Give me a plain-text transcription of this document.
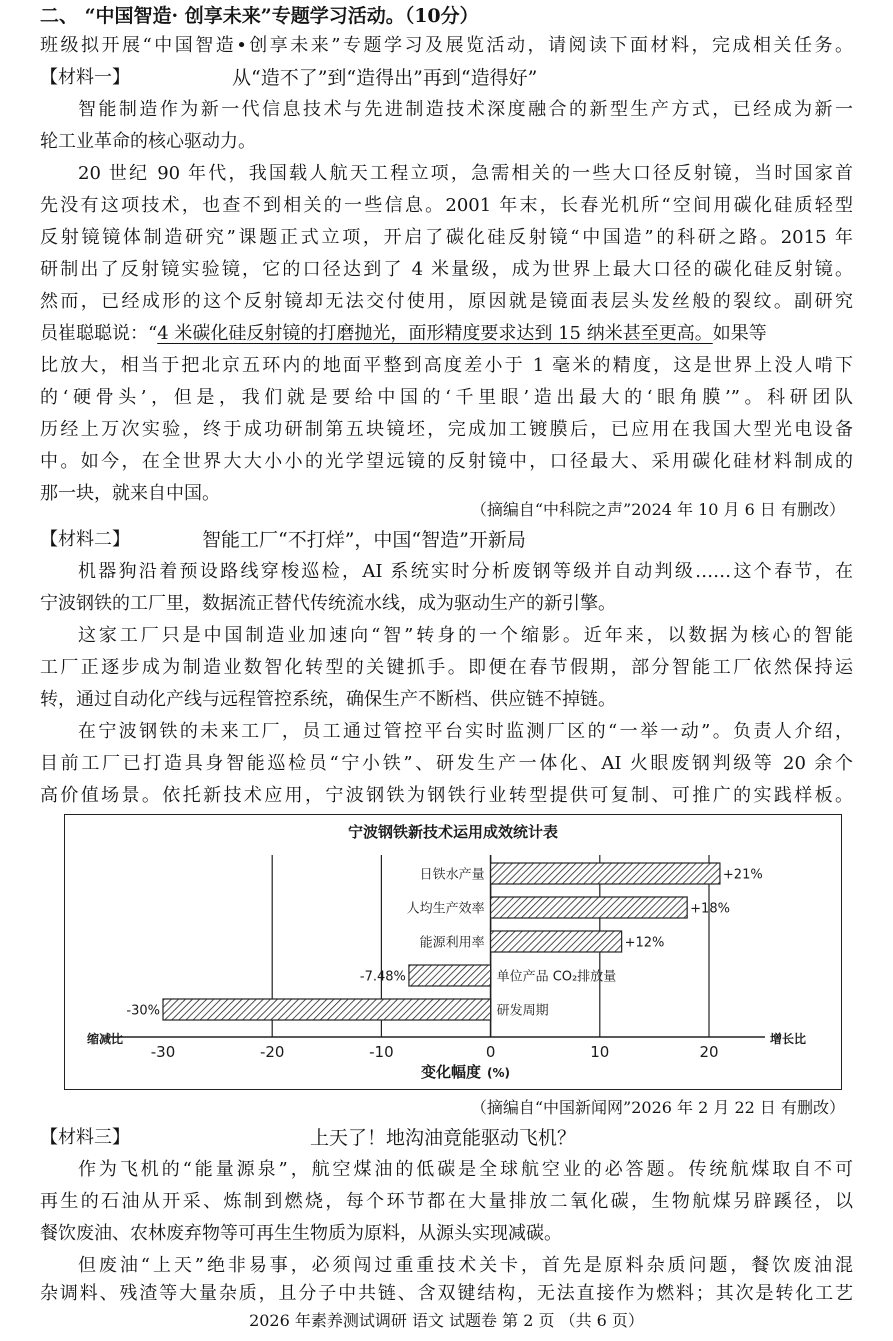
二、 “中国智造· 创享未来”专题学习活动。（10分）
班级拟开展“中国智造•创享未来”专题学习及展览活动，请阅读下面材料，完成相关任务。
【材料一】	从“造不了”到“造得出”再到“造得好”
智能制造作为新一代信息技术与先进制造技术深度融合的新型生产方式，已经成为新一
轮工业革命的核心驱动力。
20 世纪 90 年代，我国载人航天工程立项，急需相关的一些大口径反射镜，当时国家首
先没有这项技术，也查不到相关的一些信息。2001 年末，长春光机所“空间用碳化硅质轻型
反射镜镜体制造研究”课题正式立项，开启了碳化硅反射镜“中国造”的科研之路。2015 年
研制出了反射镜实验镜，它的口径达到了 4 米量级，成为世界上最大口径的碳化硅反射镜。
然而，已经成形的这个反射镜却无法交付使用，原因就是镜面表层头发丝般的裂纹。副研究
员崔聪聪说：“4 米碳化硅反射镜的打磨抛光，面形精度要求达到 15 纳米甚至更高。如果等
比放大，相当于把北京五环内的地面平整到高度差小于 1 毫米的精度，这是世界上没人啃下
的‘硬骨头’，但是，我们就是要给中国的‘千里眼’造出最大的‘眼角膜’”。科研团队
历经上万次实验，终于成功研制第五块镜坯，完成加工镀膜后，已应用在我国大型光电设备
中。如今，在全世界大大小小的光学望远镜的反射镜中，口径最大、采用碳化硅材料制成的
那一块，就来自中国。
（摘编自“中科院之声”2024 年 10 月 6 日 有删改）
【材料二】	智能工厂“不打烊”，中国“智造”开新局
机器狗沿着预设路线穿梭巡检，AI 系统实时分析废钢等级并自动判级……这个春节，在
宁波钢铁的工厂里，数据流正替代传统流水线，成为驱动生产的新引擎。
这家工厂只是中国制造业加速向“智”转身的一个缩影。近年来，以数据为核心的智能
工厂正逐步成为制造业数智化转型的关键抓手。即便在春节假期，部分智能工厂依然保持运
转，通过自动化产线与远程管控系统，确保生产不断档、供应链不掉链。
在宁波钢铁的未来工厂，员工通过管控平台实时监测厂区的“一举一动”。负责人介绍，
目前工厂已打造具身智能巡检员“宁小铁”、研发生产一体化、AI 火眼废钢判级等 20 余个
高价值场景。依托新技术应用，宁波钢铁为钢铁行业转型提供可复制、可推广的实践样板。
-30	-20	-10	0	10	20
日铁水产量	+21%
人均生产效率	+18%
能源利用率	+12%
单位产品 CO₂排放量
-7.48%
研发周期
-30%
宁波钢铁新技术运用成效统计表
缩减比	增长比
变化幅度 (%)
（摘编自“中国新闻网”2026 年 2 月 22 日 有删改）
【材料三】	上天了！地沟油竟能驱动飞机？
作为飞机的“能量源泉”，航空煤油的低碳是全球航空业的必答题。传统航煤取自不可
再生的石油从开采、炼制到燃烧，每个环节都在大量排放二氧化碳，生物航煤另辟蹊径，以
餐饮废油、农林废弃物等可再生生物质为原料，从源头实现减碳。
但废油“上天”绝非易事，必须闯过重重技术关卡，首先是原料杂质问题，餐饮废油混
杂调料、残渣等大量杂质，且分子中共链、含双键结构，无法直接作为燃料；其次是转化工艺
2026 年素养测试调研 语文 试题卷 第 2 页 （共 6 页）
